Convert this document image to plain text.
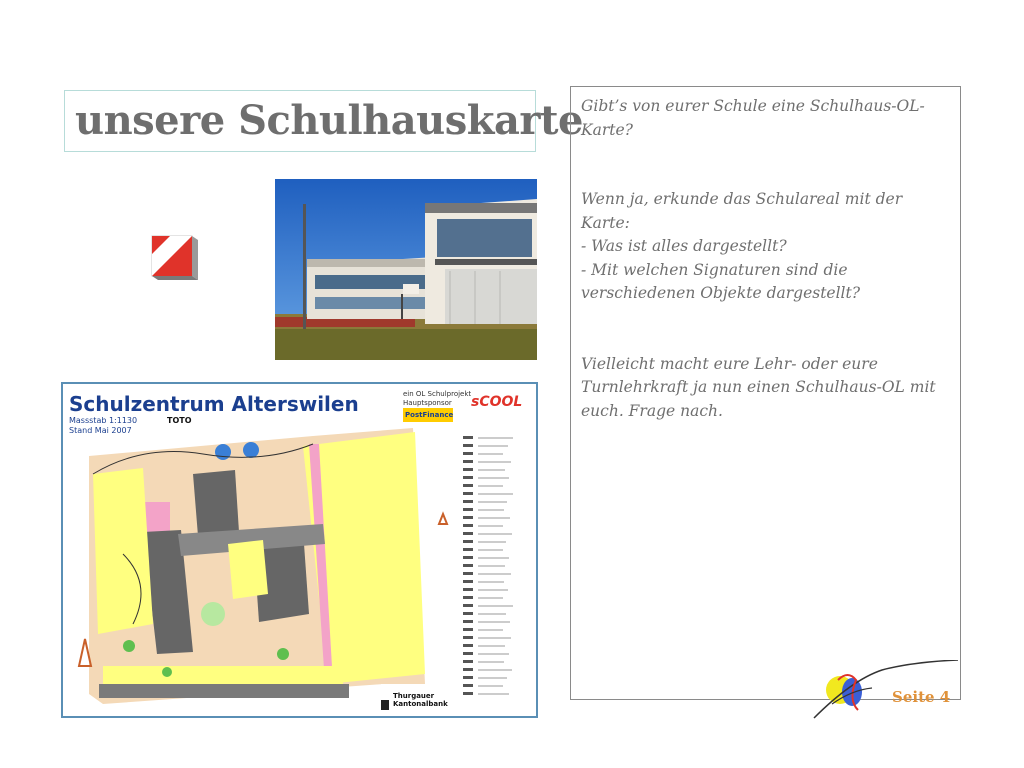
unsere Schulhauskarte
Schulzentrum Alterswilen
Massstab 1:1130
Stand Mai 2007
TOTO
ein OL Schulprojekt
Hauptsponsor
PostFinance
sCOOL
Thurgauer Kantonalbank

Gibt’s von eurer Schule eine Schulhaus-OL-Karte?

Wenn ja, erkunde das Schulareal mit der Karte:

- Was ist alles dargestellt?

- Mit welchen Signaturen sind die verschiedenen Objekte dargestellt?

Vielleicht macht eure Lehr- oder eure Turnlehrkraft ja nun einen Schulhaus-OL mit euch. Frage nach.

Seite 4
